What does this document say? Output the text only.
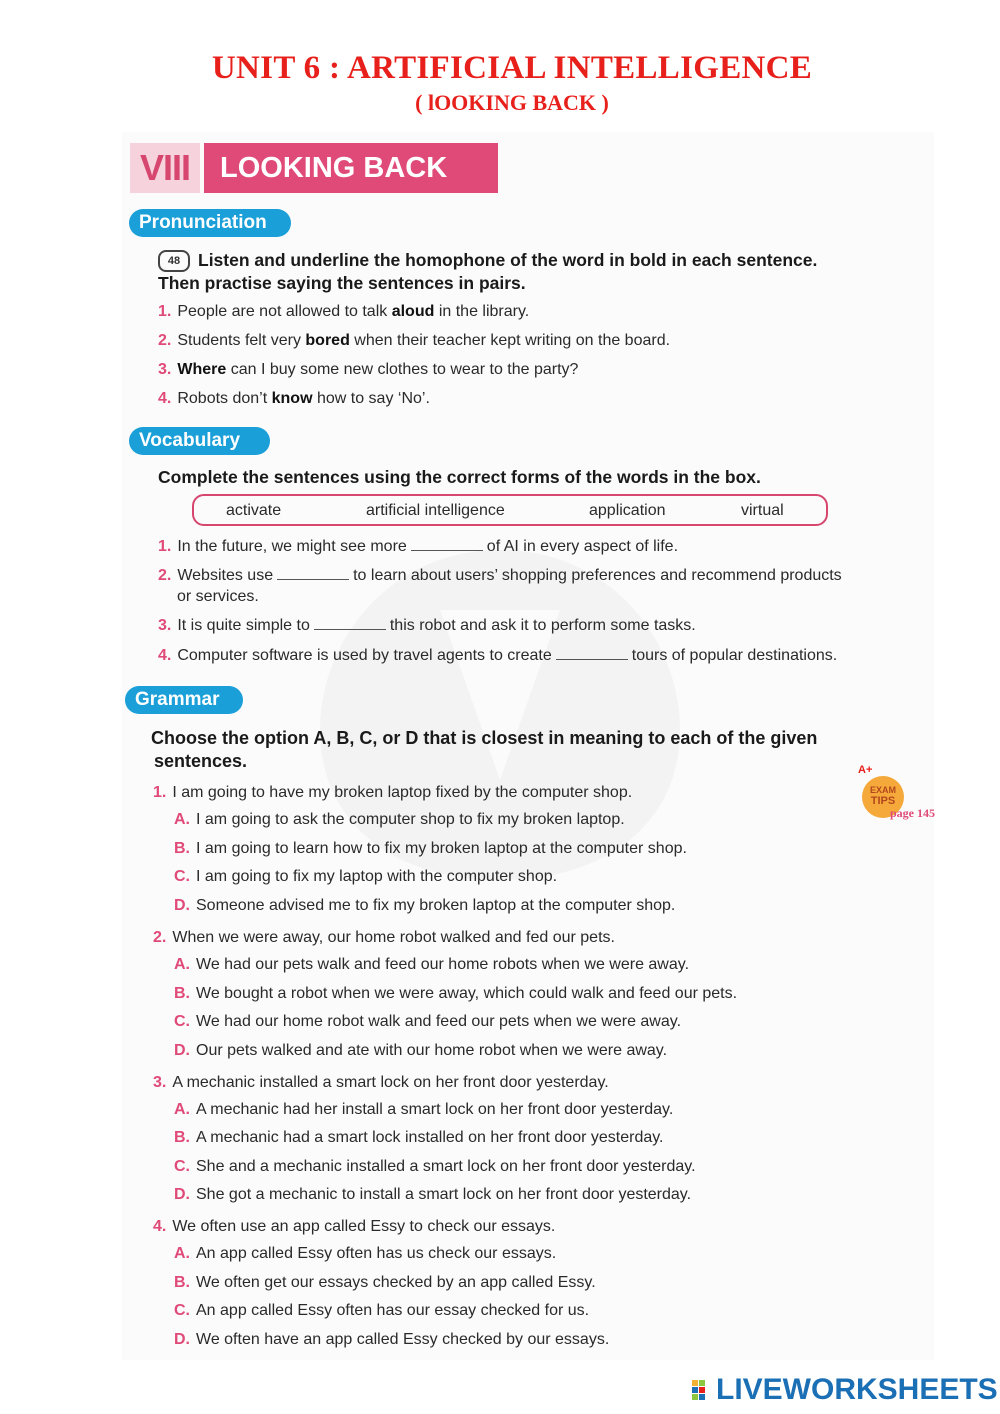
UNIT 6 : ARTIFICIAL INTELLIGENCE
( lOOKING BACK )
VIII	LOOKING BACK
Pronunciation
48 Listen and underline the homophone of the word in bold in each sentence.
Then practise saying the sentences in pairs.
1. People are not allowed to talk aloud in the library.
2. Students felt very bored when their teacher kept writing on the board.
3. Where can I buy some new clothes to wear to the party?
4. Robots don’t know how to say ‘No’.
Vocabulary
Complete the sentences using the correct forms of the words in the box.
activate	artificial intelligence	application	virtual
1. In the future, we might see more	of AI in every aspect of life.
2. Websites use	to learn about users’ shopping preferences and recommend products
or services.
3. It is quite simple to	this robot and ask it to perform some tasks.
4. Computer software is used by travel agents to create	tours of popular destinations.
Grammar
Choose the option A, B, C, or D that is closest in meaning to each of the given
sentences.	A+
EXAM
TIPS
page 145
1. I am going to have my broken laptop fixed by the computer shop.
A. I am going to ask the computer shop to fix my broken laptop.
B. I am going to learn how to fix my broken laptop at the computer shop.
C. I am going to fix my laptop with the computer shop.
D. Someone advised me to fix my broken laptop at the computer shop.
2. When we were away, our home robot walked and fed our pets.
A. We had our pets walk and feed our home robots when we were away.
B. We bought a robot when we were away, which could walk and feed our pets.
C. We had our home robot walk and feed our pets when we were away.
D. Our pets walked and ate with our home robot when we were away.
3. A mechanic installed a smart lock on her front door yesterday.
A. A mechanic had her install a smart lock on her front door yesterday.
B. A mechanic had a smart lock installed on her front door yesterday.
C. She and a mechanic installed a smart lock on her front door yesterday.
D. She got a mechanic to install a smart lock on her front door yesterday.
4. We often use an app called Essy to check our essays.
A. An app called Essy often has us check our essays.
B. We often get our essays checked by an app called Essy.
C. An app called Essy often has our essay checked for us.
D. We often have an app called Essy checked by our essays.
LIVEWORKSHEETS
